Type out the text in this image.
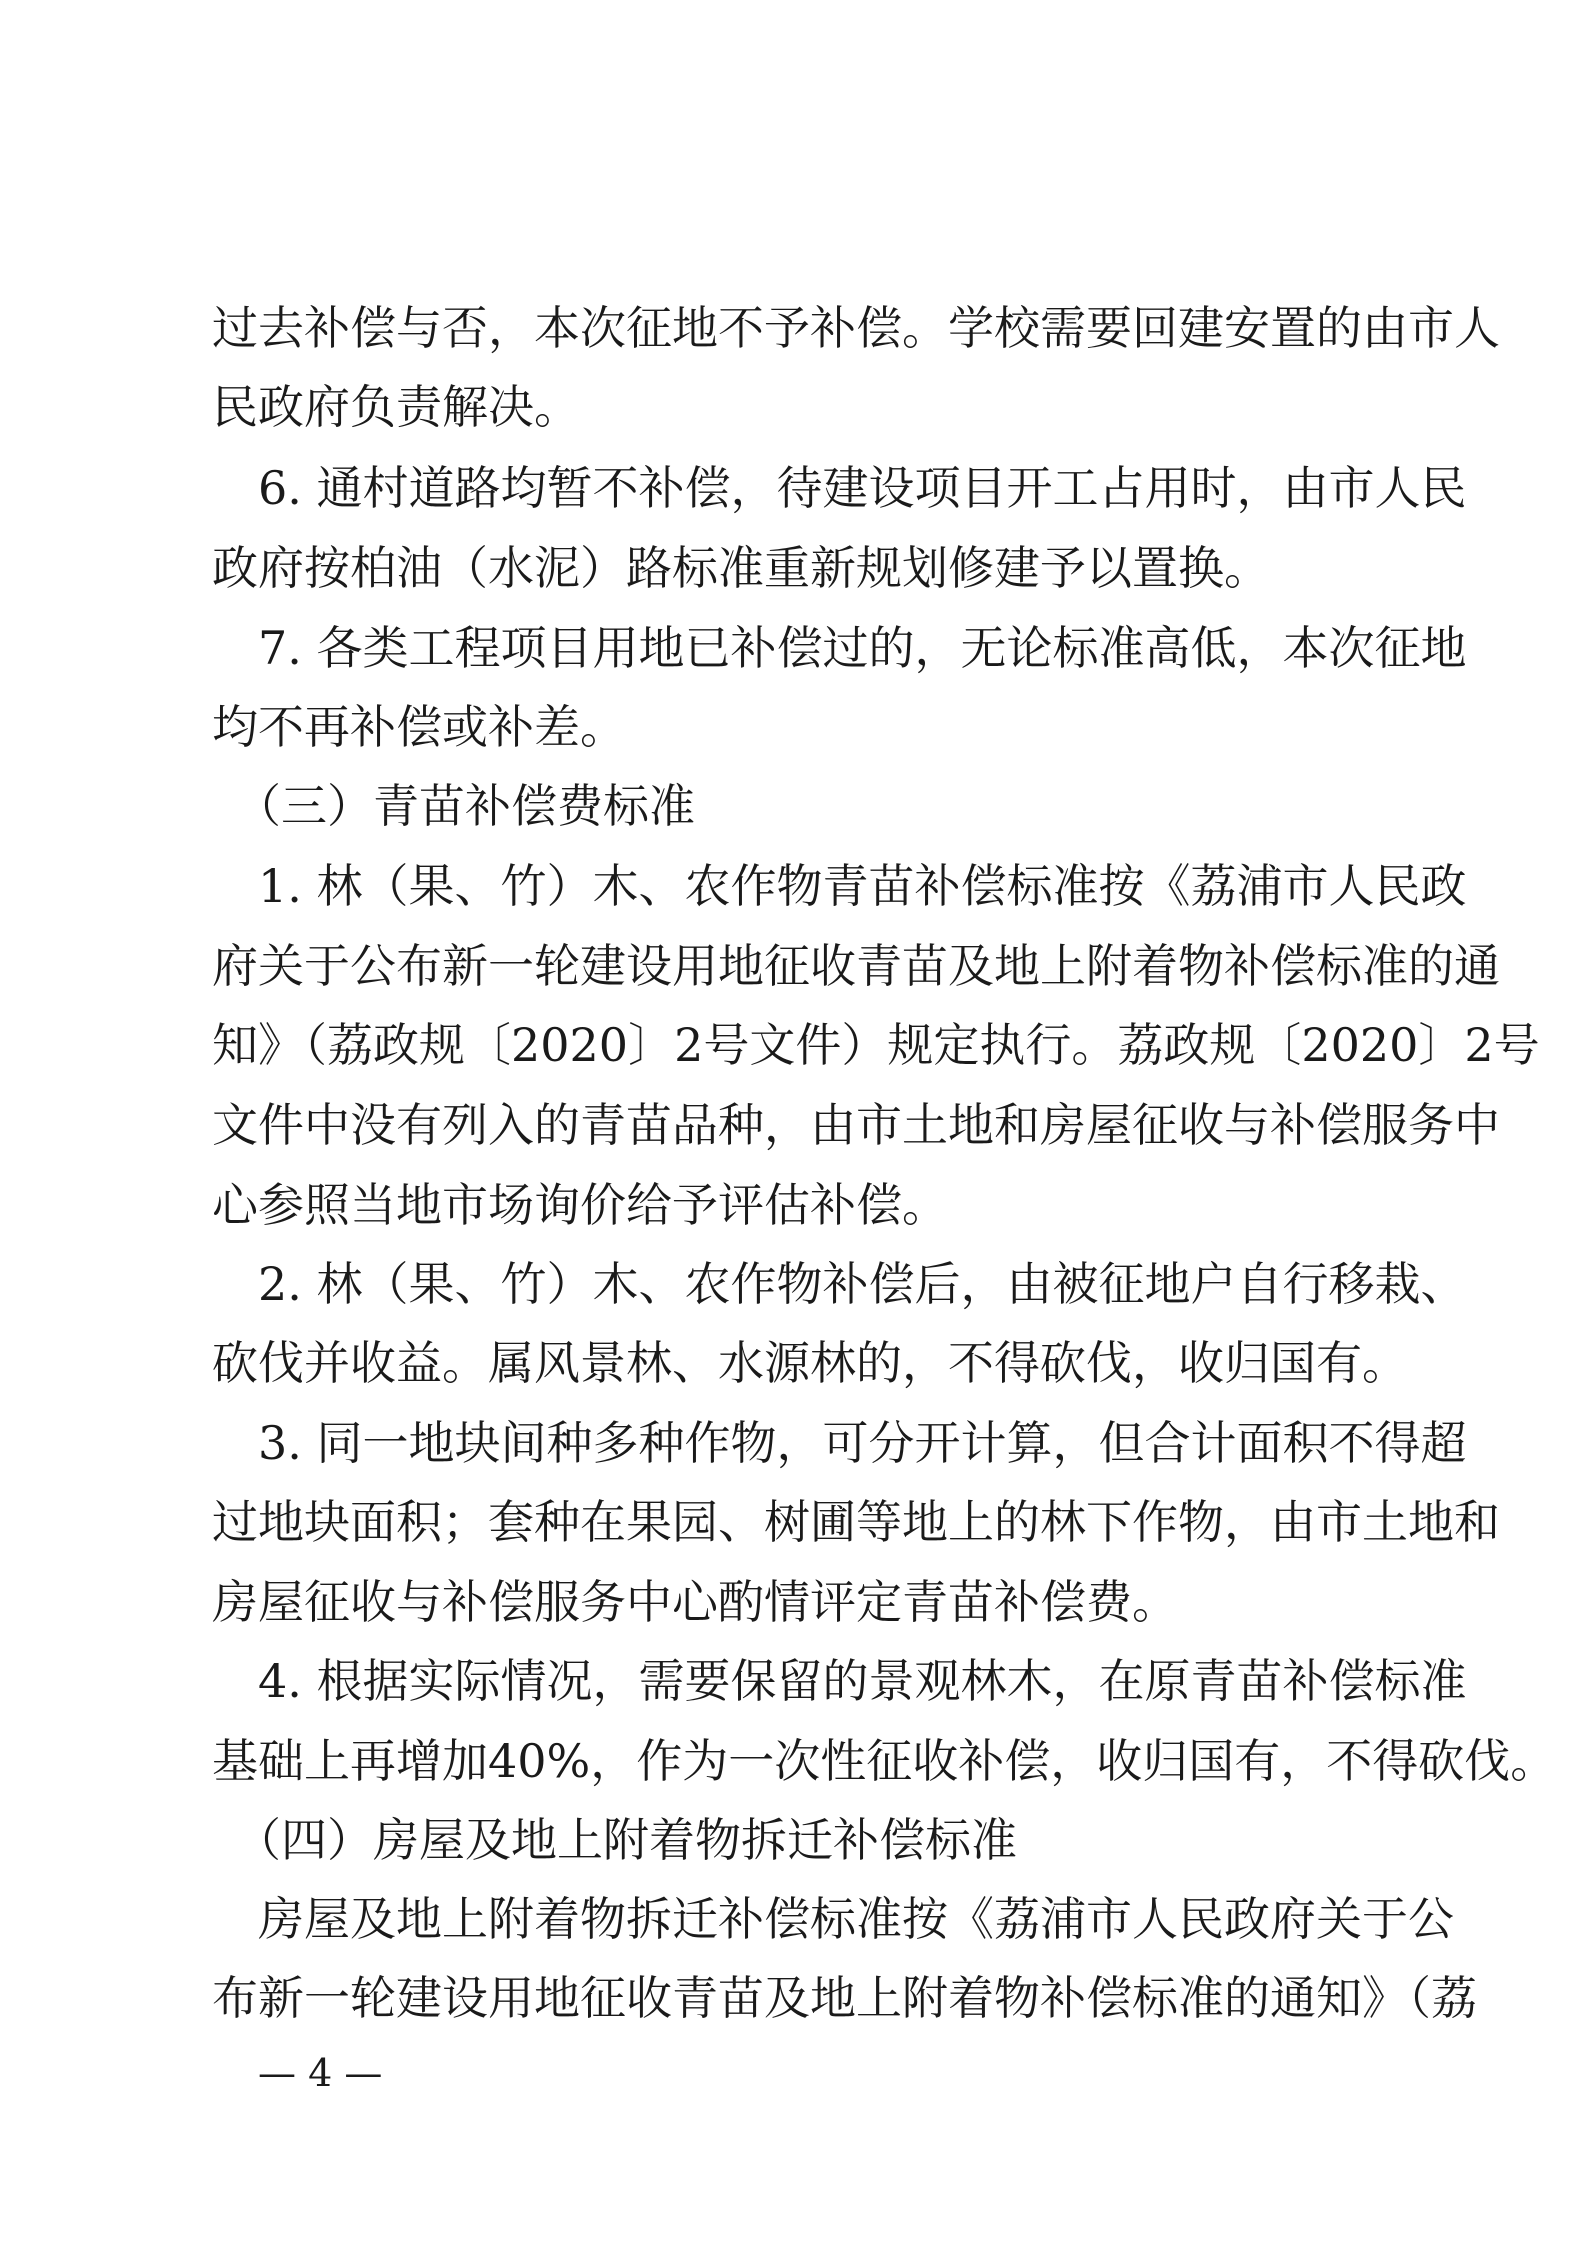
过去补偿与否，本次征地不予补偿。学校需要回建安置的由市人
民政府负责解决。
　6. 通村道路均暂不补偿，待建设项目开工占用时，由市人民
政府按柏油（水泥）路标准重新规划修建予以置换。
　7. 各类工程项目用地已补偿过的，无论标准高低，本次征地
均不再补偿或补差。
　（三）青苗补偿费标准
　1. 林（果、竹）木、农作物青苗补偿标准按《荔浦市人民政
府关于公布新一轮建设用地征收青苗及地上附着物补偿标准的通
知》（荔政规〔2020〕2号文件）规定执行。荔政规〔2020〕2号
文件中没有列入的青苗品种，由市土地和房屋征收与补偿服务中
心参照当地市场询价给予评估补偿。
　2. 林（果、竹）木、农作物补偿后，由被征地户自行移栽、
砍伐并收益。属风景林、水源林的，不得砍伐，收归国有。
　3. 同一地块间种多种作物，可分开计算，但合计面积不得超
过地块面积；套种在果园、树圃等地上的林下作物，由市土地和
房屋征收与补偿服务中心酌情评定青苗补偿费。
　4. 根据实际情况，需要保留的景观林木，在原青苗补偿标准
基础上再增加40%，作为一次性征收补偿，收归国有，不得砍伐。
　（四）房屋及地上附着物拆迁补偿标准
　房屋及地上附着物拆迁补偿标准按《荔浦市人民政府关于公
布新一轮建设用地征收青苗及地上附着物补偿标准的通知》（荔
— 4 —
